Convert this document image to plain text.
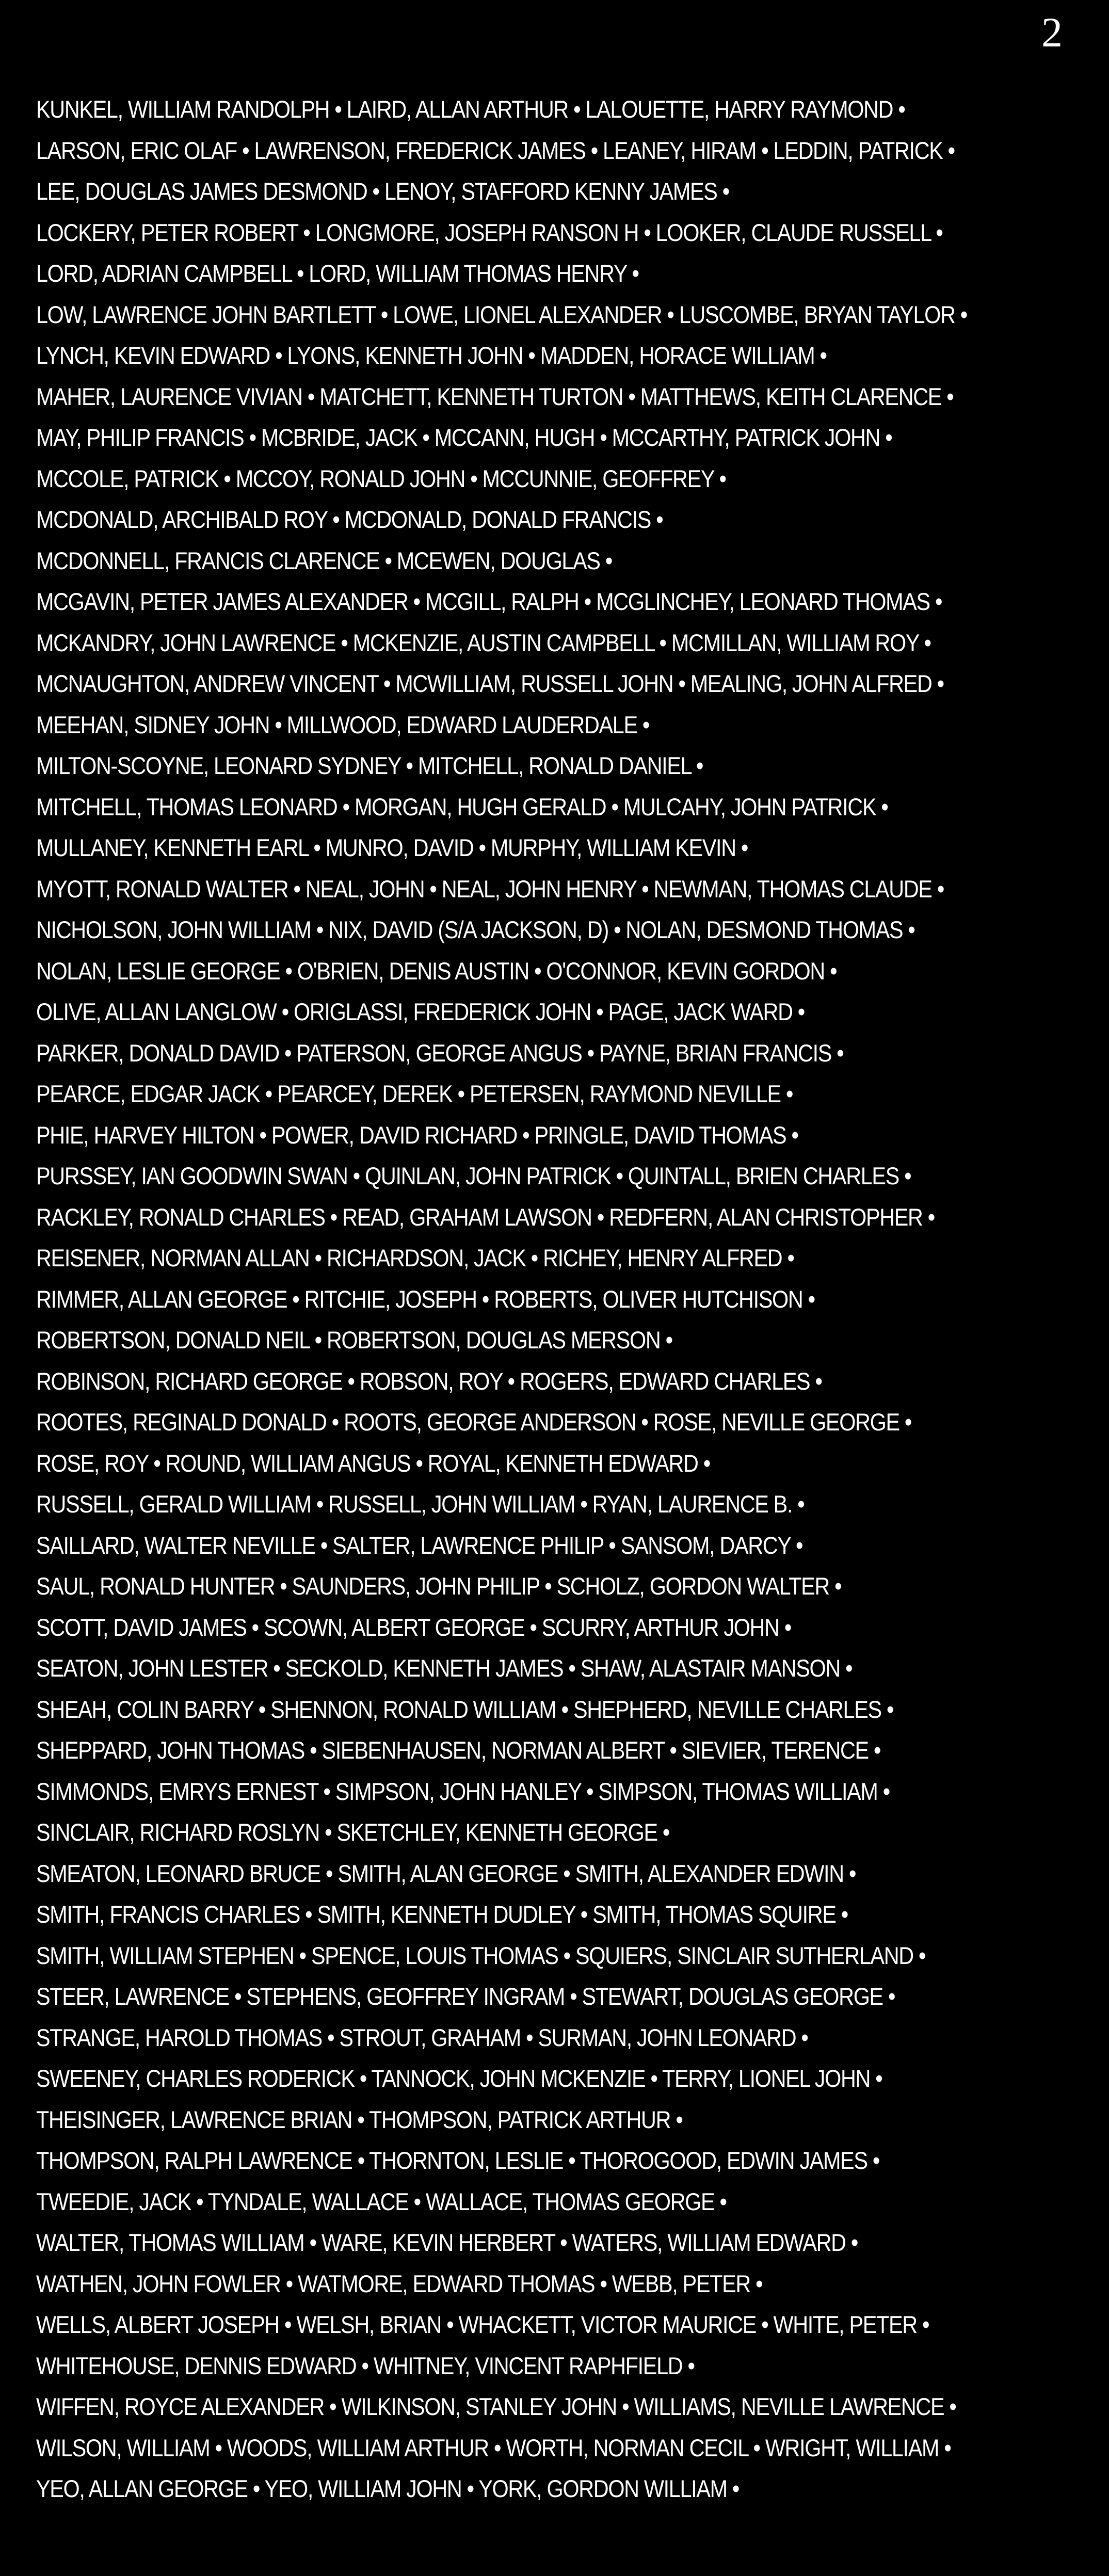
2
KUNKEL, WILLIAM RANDOLPH • LAIRD, ALLAN ARTHUR • LALOUETTE, HARRY RAYMOND •
LARSON, ERIC OLAF • LAWRENSON, FREDERICK JAMES • LEANEY, HIRAM • LEDDIN, PATRICK •
LEE, DOUGLAS JAMES DESMOND • LENOY, STAFFORD KENNY JAMES •
LOCKERY, PETER ROBERT • LONGMORE, JOSEPH RANSON H • LOOKER, CLAUDE RUSSELL •
LORD, ADRIAN CAMPBELL • LORD, WILLIAM THOMAS HENRY •
LOW, LAWRENCE JOHN BARTLETT • LOWE, LIONEL ALEXANDER • LUSCOMBE, BRYAN TAYLOR •
LYNCH, KEVIN EDWARD • LYONS, KENNETH JOHN • MADDEN, HORACE WILLIAM •
MAHER, LAURENCE VIVIAN • MATCHETT, KENNETH TURTON • MATTHEWS, KEITH CLARENCE •
MAY, PHILIP FRANCIS • MCBRIDE, JACK • MCCANN, HUGH • MCCARTHY, PATRICK JOHN •
MCCOLE, PATRICK • MCCOY, RONALD JOHN • MCCUNNIE, GEOFFREY •
MCDONALD, ARCHIBALD ROY • MCDONALD, DONALD FRANCIS •
MCDONNELL, FRANCIS CLARENCE • MCEWEN, DOUGLAS •
MCGAVIN, PETER JAMES ALEXANDER • MCGILL, RALPH • MCGLINCHEY, LEONARD THOMAS •
MCKANDRY, JOHN LAWRENCE • MCKENZIE, AUSTIN CAMPBELL • MCMILLAN, WILLIAM ROY •
MCNAUGHTON, ANDREW VINCENT • MCWILLIAM, RUSSELL JOHN • MEALING, JOHN ALFRED •
MEEHAN, SIDNEY JOHN • MILLWOOD, EDWARD LAUDERDALE •
MILTON-SCOYNE, LEONARD SYDNEY • MITCHELL, RONALD DANIEL •
MITCHELL, THOMAS LEONARD • MORGAN, HUGH GERALD • MULCAHY, JOHN PATRICK •
MULLANEY, KENNETH EARL • MUNRO, DAVID • MURPHY, WILLIAM KEVIN •
MYOTT, RONALD WALTER • NEAL, JOHN • NEAL, JOHN HENRY • NEWMAN, THOMAS CLAUDE •
NICHOLSON, JOHN WILLIAM • NIX, DAVID (S/A JACKSON, D) • NOLAN, DESMOND THOMAS •
NOLAN, LESLIE GEORGE • O'BRIEN, DENIS AUSTIN • O'CONNOR, KEVIN GORDON •
OLIVE, ALLAN LANGLOW • ORIGLASSI, FREDERICK JOHN • PAGE, JACK WARD •
PARKER, DONALD DAVID • PATERSON, GEORGE ANGUS • PAYNE, BRIAN FRANCIS •
PEARCE, EDGAR JACK • PEARCEY, DEREK • PETERSEN, RAYMOND NEVILLE •
PHIE, HARVEY HILTON • POWER, DAVID RICHARD • PRINGLE, DAVID THOMAS •
PURSSEY, IAN GOODWIN SWAN • QUINLAN, JOHN PATRICK • QUINTALL, BRIEN CHARLES •
RACKLEY, RONALD CHARLES • READ, GRAHAM LAWSON • REDFERN, ALAN CHRISTOPHER •
REISENER, NORMAN ALLAN • RICHARDSON, JACK • RICHEY, HENRY ALFRED •
RIMMER, ALLAN GEORGE • RITCHIE, JOSEPH • ROBERTS, OLIVER HUTCHISON •
ROBERTSON, DONALD NEIL • ROBERTSON, DOUGLAS MERSON •
ROBINSON, RICHARD GEORGE • ROBSON, ROY • ROGERS, EDWARD CHARLES •
ROOTES, REGINALD DONALD • ROOTS, GEORGE ANDERSON • ROSE, NEVILLE GEORGE •
ROSE, ROY • ROUND, WILLIAM ANGUS • ROYAL, KENNETH EDWARD •
RUSSELL, GERALD WILLIAM • RUSSELL, JOHN WILLIAM • RYAN, LAURENCE B. •
SAILLARD, WALTER NEVILLE • SALTER, LAWRENCE PHILIP • SANSOM, DARCY •
SAUL, RONALD HUNTER • SAUNDERS, JOHN PHILIP • SCHOLZ, GORDON WALTER •
SCOTT, DAVID JAMES • SCOWN, ALBERT GEORGE • SCURRY, ARTHUR JOHN •
SEATON, JOHN LESTER • SECKOLD, KENNETH JAMES • SHAW, ALASTAIR MANSON •
SHEAH, COLIN BARRY • SHENNON, RONALD WILLIAM • SHEPHERD, NEVILLE CHARLES •
SHEPPARD, JOHN THOMAS • SIEBENHAUSEN, NORMAN ALBERT • SIEVIER, TERENCE •
SIMMONDS, EMRYS ERNEST • SIMPSON, JOHN HANLEY • SIMPSON, THOMAS WILLIAM •
SINCLAIR, RICHARD ROSLYN • SKETCHLEY, KENNETH GEORGE •
SMEATON, LEONARD BRUCE • SMITH, ALAN GEORGE • SMITH, ALEXANDER EDWIN •
SMITH, FRANCIS CHARLES • SMITH, KENNETH DUDLEY • SMITH, THOMAS SQUIRE •
SMITH, WILLIAM STEPHEN • SPENCE, LOUIS THOMAS • SQUIERS, SINCLAIR SUTHERLAND •
STEER, LAWRENCE • STEPHENS, GEOFFREY INGRAM • STEWART, DOUGLAS GEORGE •
STRANGE, HAROLD THOMAS • STROUT, GRAHAM • SURMAN, JOHN LEONARD •
SWEENEY, CHARLES RODERICK • TANNOCK, JOHN MCKENZIE • TERRY, LIONEL JOHN •
THEISINGER, LAWRENCE BRIAN • THOMPSON, PATRICK ARTHUR •
THOMPSON, RALPH LAWRENCE • THORNTON, LESLIE • THOROGOOD, EDWIN JAMES •
TWEEDIE, JACK • TYNDALE, WALLACE • WALLACE, THOMAS GEORGE •
WALTER, THOMAS WILLIAM • WARE, KEVIN HERBERT • WATERS, WILLIAM EDWARD •
WATHEN, JOHN FOWLER • WATMORE, EDWARD THOMAS • WEBB, PETER •
WELLS, ALBERT JOSEPH • WELSH, BRIAN • WHACKETT, VICTOR MAURICE • WHITE, PETER •
WHITEHOUSE, DENNIS EDWARD • WHITNEY, VINCENT RAPHFIELD •
WIFFEN, ROYCE ALEXANDER • WILKINSON, STANLEY JOHN • WILLIAMS, NEVILLE LAWRENCE •
WILSON, WILLIAM • WOODS, WILLIAM ARTHUR • WORTH, NORMAN CECIL • WRIGHT, WILLIAM •
YEO, ALLAN GEORGE • YEO, WILLIAM JOHN • YORK, GORDON WILLIAM •
